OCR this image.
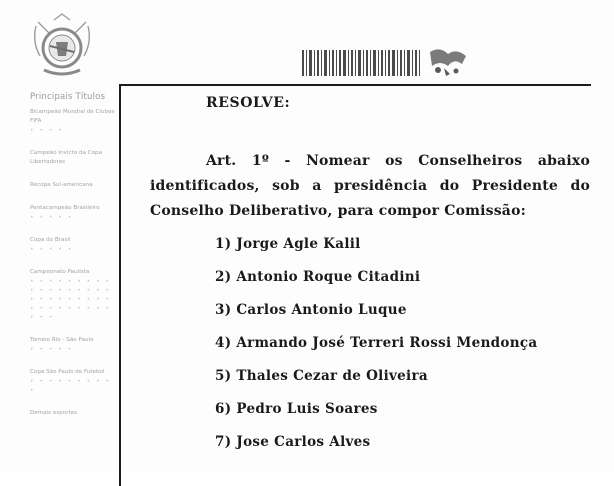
Principais Títulos
Bicampeão Mundial de Clubes FIFA
• • • •
Campeão Invicto da Copa Libertadores
Recopa Sul-americana
Pentacampeão Brasileiro
• • • • •
Copa do Brasil
• • • • •
Campeonato Paulista
• • • • • • • • • • • • • • • • • • • • • • • • • • • • • • • • • • • • • • •
Torneio Rio - São Paulo
• • • • •
Copa São Paulo de Futebol
• • • • • • • • • •
Demais esportes
RESOLVE:
Art. 1º - Nomear os Conselheiros abaixo identificados, sob a presidência do Presidente do Conselho Deliberativo, para compor Comissão:
1) Jorge Agle Kalil
2) Antonio Roque Citadini
3) Carlos Antonio Luque
4) Armando José Terreri Rossi Mendonça
5) Thales Cezar de Oliveira
6) Pedro Luis Soares
7) Jose Carlos Alves
